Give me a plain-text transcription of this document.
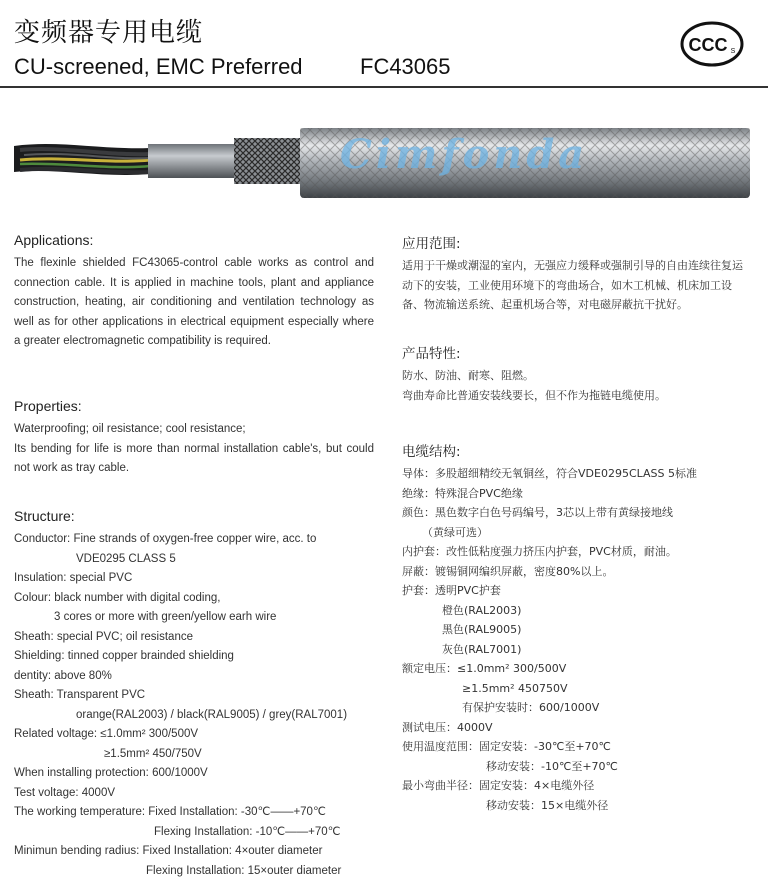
变频器专用电缆
CU-screened, EMC Preferred	FC43065
CCC S
Cimfonda
Applications:
The flexinle shielded FC43065-control cable works as control and connection cable. It is applied in machine tools, plant and appliance construction, heating, air conditioning and ventilation technology as well as for other applications in electrical equipment especially where a greater electromagnetic compatibility is required.
Properties:
Waterproofing; oil resistance; cool resistance;
Its bending for life is more than normal installation cable's, but could not work as tray cable.
Structure:
Conductor: Fine strands of oxygen-free copper wire, acc. to
VDE0295 CLASS 5
Insulation: special PVC
Colour: black number with digital coding,
3 cores or more with green/yellow earh wire
Sheath: special PVC; oil resistance
Shielding: tinned copper brainded shielding
dentity: above 80%
Sheath: Transparent PVC
orange(RAL2003) / black(RAL9005) / grey(RAL7001)
Related voltage: ≤1.0mm² 300/500V
≥1.5mm² 450/750V
When installing protection: 600/1000V
Test voltage: 4000V
The working temperature: Fixed Installation: -30℃——+70℃
Flexing Installation: -10℃——+70℃
Minimun bending radius: Fixed Installation: 4×outer diameter
Flexing Installation: 15×outer diameter
应用范围:
适用于干燥或潮湿的室内，无强应力缓释或强制引导的自由连续往复运动下的安装，工业使用环境下的弯曲场合，如木工机械、机床加工设备、物流输送系统、起重机场合等，对电磁屏蔽抗干扰好。
产品特性:
防水、防油、耐寒、阻燃。
弯曲寿命比普通安装线要长，但不作为拖链电缆使用。
电缆结构:
导体：多股超细精绞无氧铜丝，符合VDE0295CLASS 5标准
绝缘：特殊混合PVC绝缘
颜色：黑色数字白色号码编号，3芯以上带有黄绿接地线
（黄绿可选）
内护套：改性低粘度强力挤压内护套，PVC材质，耐油。
屏蔽：镀锡铜网编织屏蔽，密度80%以上。
护套：透明PVC护套
橙色(RAL2003)
黑色(RAL9005)
灰色(RAL7001)
额定电压：≤1.0mm² 300/500V
≥1.5mm² 450750V
有保护安装时：600/1000V
测试电压：4000V
使用温度范围：固定安装：-30℃至+70℃
移动安装：-10℃至+70℃
最小弯曲半径：固定安装：4×电缆外径
移动安装：15×电缆外径
